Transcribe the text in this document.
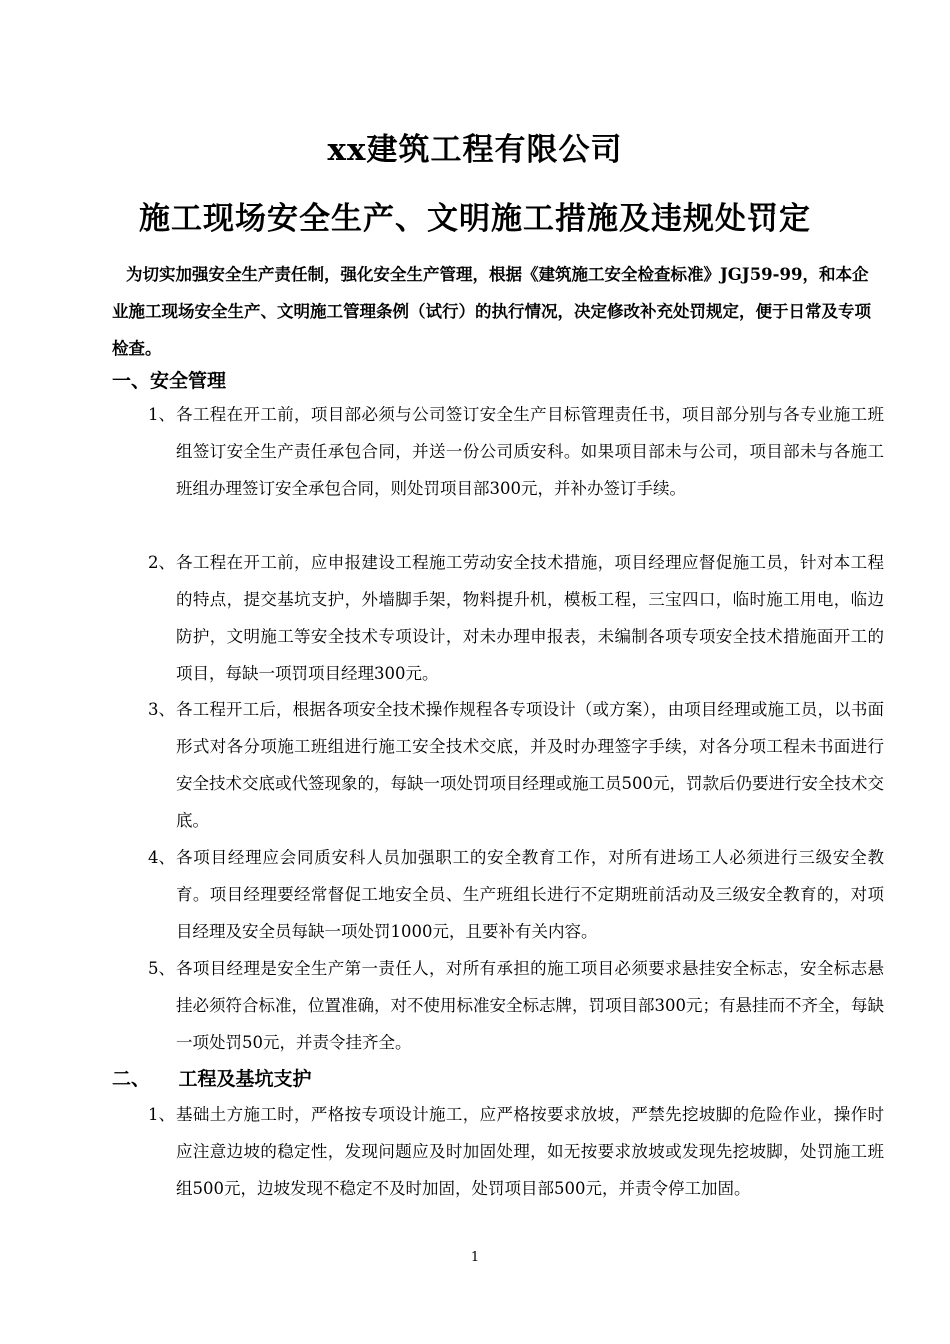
xx建筑工程有限公司
施工现场安全生产、文明施工措施及违规处罚定
为切实加强安全生产责任制，强化安全生产管理，根据《建筑施工安全检查标准》JGJ59-99，和本企业施工现场安全生产、文明施工管理条例（试行）的执行情况，决定修改补充处罚规定，便于日常及专项检查。
一、安全管理
1、 各工程在开工前，项目部必须与公司签订安全生产目标管理责任书，项目部分别与各专业施工班组签订安全生产责任承包合同，并送一份公司质安科。如果项目部未与公司，项目部未与各施工班组办理签订安全承包合同，则处罚项目部300元，并补办签订手续。
2、 各工程在开工前，应申报建设工程施工劳动安全技术措施，项目经理应督促施工员，针对本工程的特点，提交基坑支护，外墙脚手架，物料提升机，模板工程，三宝四口，临时施工用电，临边防护，文明施工等安全技术专项设计，对未办理申报表，未编制各项专项安全技术措施面开工的项目，每缺一项罚项目经理300元。
3、 各工程开工后，根据各项安全技术操作规程各专项设计（或方案），由项目经理或施工员，以书面形式对各分项施工班组进行施工安全技术交底，并及时办理签字手续，对各分项工程未书面进行安全技术交底或代签现象的，每缺一项处罚项目经理或施工员500元，罚款后仍要进行安全技术交底。
4、 各项目经理应会同质安科人员加强职工的安全教育工作，对所有进场工人必须进行三级安全教育。项目经理要经常督促工地安全员、生产班组长进行不定期班前活动及三级安全教育的，对项目经理及安全员每缺一项处罚1000元，且要补有关内容。
5、 各项目经理是安全生产第一责任人，对所有承担的施工项目必须要求悬挂安全标志，安全标志悬挂必须符合标准，位置准确，对不使用标准安全标志牌，罚项目部300元；有悬挂而不齐全，每缺一项处罚50元，并责令挂齐全。
二、　　工程及基坑支护
1、 基础土方施工时，严格按专项设计施工，应严格按要求放坡，严禁先挖坡脚的危险作业，操作时应注意边坡的稳定性，发现问题应及时加固处理，如无按要求放坡或发现先挖坡脚，处罚施工班组500元，边坡发现不稳定不及时加固，处罚项目部500元，并责令停工加固。
1
